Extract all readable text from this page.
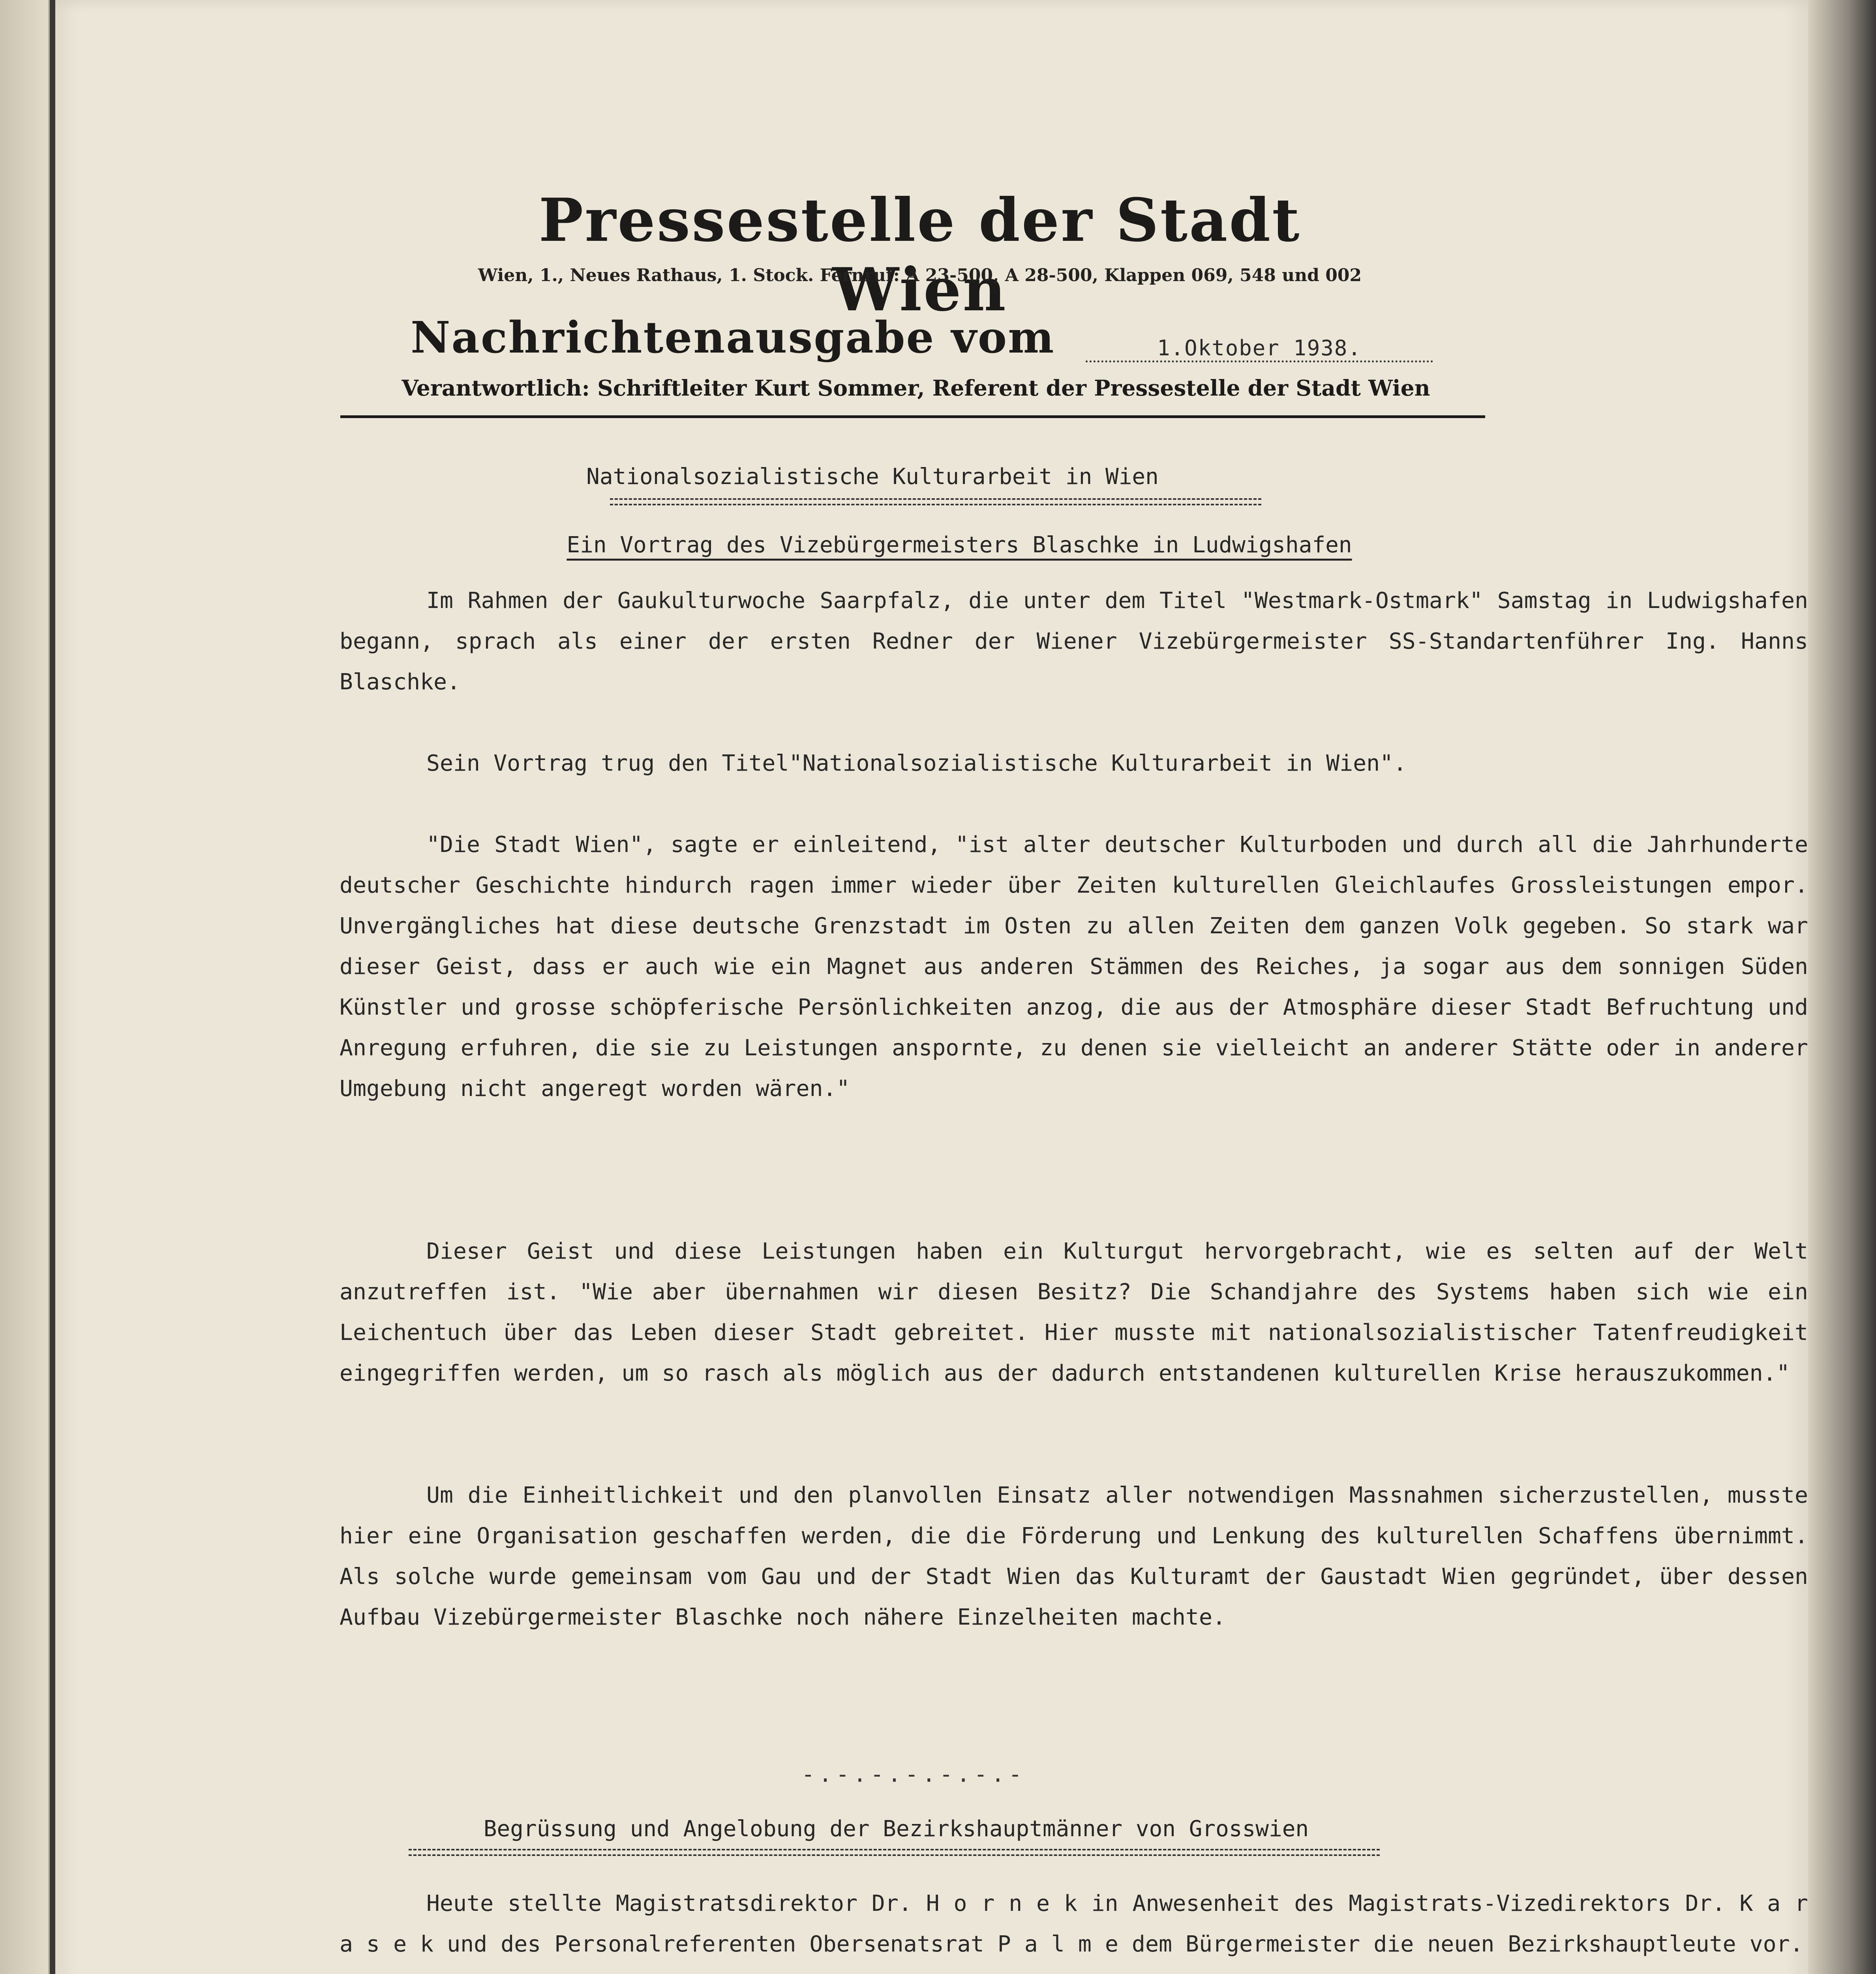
Pressestelle der Stadt Wien
Wien, 1., Neues Rathaus, 1. Stock. Fernruf: A 23-500, A 28-500, Klappen 069, 548 und 002
Nachrichtenausgabe vom	1.Oktober 1938.
Verantwortlich: Schriftleiter Kurt Sommer, Referent der Pressestelle der Stadt Wien
Nationalsozialistische Kulturarbeit in Wien
Ein Vortrag des Vizebürgermeisters Blaschke in Ludwigshafen

Im Rahmen der Gaukulturwoche Saarpfalz, die unter dem Titel "Westmark-Ostmark" Samstag in Ludwigshafen begann, sprach als einer der ersten Redner der Wiener Vizebürgermeister SS-Standartenführer Ing. Hanns Blaschke.

Sein Vortrag trug den Titel"Nationalsozialistische Kulturarbeit in Wien".

"Die Stadt Wien", sagte er einleitend, "ist alter deutscher Kulturboden und durch all die Jahrhunderte deutscher Geschichte hindurch ragen immer wieder über Zeiten kulturellen Gleichlaufes Grossleistungen empor. Unvergängliches hat diese deutsche Grenzstadt im Osten zu allen Zeiten dem ganzen Volk gegeben. So stark war dieser Geist, dass er auch wie ein Magnet aus anderen Stämmen des Reiches, ja sogar aus dem sonnigen Süden Künstler und grosse schöpferische Persönlichkeiten anzog, die aus der Atmosphäre dieser Stadt Befruchtung und Anregung erfuhren, die sie zu Leistungen anspornte, zu denen sie vielleicht an anderer Stätte oder in anderer Umgebung nicht angeregt worden wären."

Dieser Geist und diese Leistungen haben ein Kulturgut hervorgebracht, wie es selten auf der Welt anzutreffen ist. "Wie aber übernahmen wir diesen Besitz? Die Schandjahre des Systems haben sich wie ein Leichentuch über das Leben dieser Stadt gebreitet. Hier musste mit nationalsozialistischer Tatenfreudigkeit eingegriffen werden, um so rasch als möglich aus der dadurch entstandenen kulturellen Krise herauszukommen."

Um die Einheitlichkeit und den planvollen Einsatz aller notwendigen Massnahmen sicherzustellen, musste hier eine Organisation geschaffen werden, die die Förderung und Lenkung des kulturellen Schaffens übernimmt. Als solche wurde gemeinsam vom Gau und der Stadt Wien das Kulturamt der Gaustadt Wien gegründet, über dessen Aufbau Vizebürgermeister Blaschke noch nähere Einzelheiten machte.

-.-.-.-.-.-.-
Begrüssung und Angelobung der Bezirkshauptmänner von Grosswien

Heute stellte Magistratsdirektor Dr. H o r n e k in Anwesenheit des Magistrats-Vizedirektors Dr. K a r a s e k und des Personalreferenten Obersenatsrat P a l m e dem Bürgermeister die neuen Bezirkshauptleute vor.
